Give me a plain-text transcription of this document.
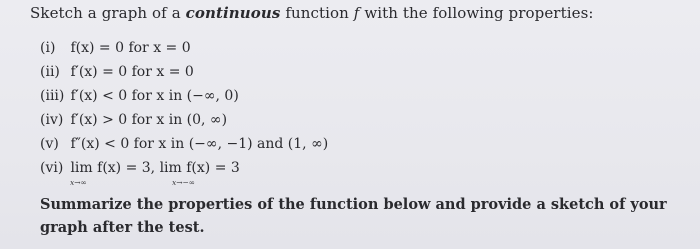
Sketch a graph of a continuous function f with the following properties:
(i) f(x) = 0 for x = 0
(ii) f′(x) = 0 for x = 0
(iii) f′(x) < 0 for x in (−∞, 0)
(iv) f′(x) > 0 for x in (0, ∞)
(v) f″(x) < 0 for x in (−∞, −1) and (1, ∞)
(vi) lim f(x) = 3, lim f(x) = 3
x→∞	x→−∞
Summarize the properties of the function below and provide a sketch of your graph after the test.
